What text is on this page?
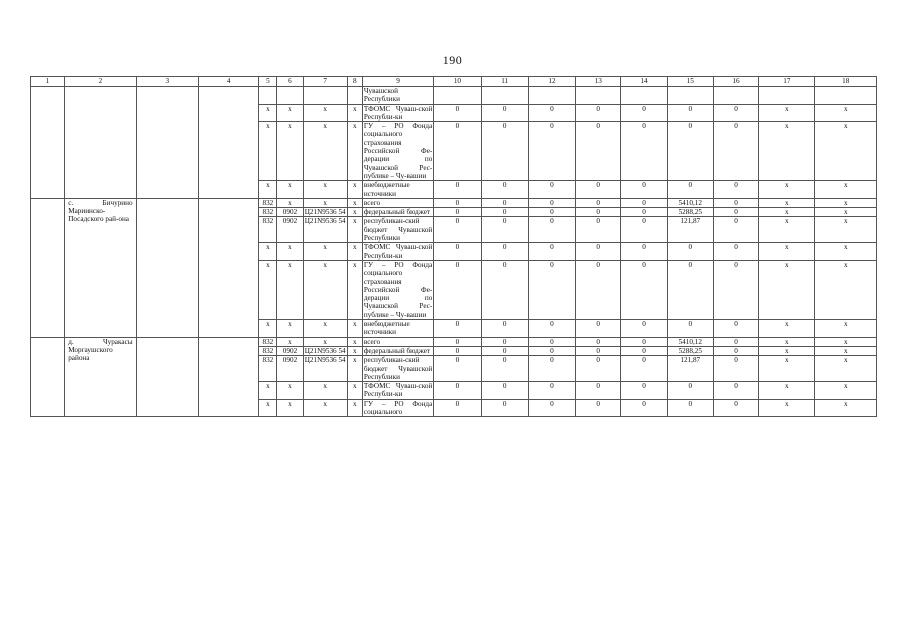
190
1	2	3	4	5	6	7	8	9	10	11	12	13	14	15	16	17	18
								Чувашской Республики									
				x	x	x	x	ТФОМС Чуваш-ской Республи-ки	0	0	0	0	0	0	0	x	x
				x	x	x	x	ГУ – РО Фонда социального страхования Российской Фе-дерации по Чувашской Рес-публике – Чу-вашии	0	0	0	0	0	0	0	x	x
				x	x	x	x	внебюджетные источники	0	0	0	0	0	0	0	x	x
	с. Бичурино Мариинско-Посадского рай-она			832	x	x	x	всего	0	0	0	0	0	5410,12	0	x	x
				832	0902	Ц21N9536 54	x	федеральный бюджет	0	0	0	0	0	5288,25	0	x	x
				832	0902	Ц21N9536 54	x	республикан-ский бюджет Чувашской Республики	0	0	0	0	0	121,87	0	x	x
				x	x	x	x	ТФОМС Чуваш-ской Республи-ки	0	0	0	0	0	0	0	x	x
				x	x	x	x	ГУ – РО Фонда социального страхования Российской Фе-дерации по Чувашской Рес-публике – Чу-вашии	0	0	0	0	0	0	0	x	x
				x	x	x	x	внебюджетные источники	0	0	0	0	0	0	0	x	x
	д. Чуракасы Моргаушского района			832	x	x	x	всего	0	0	0	0	0	5410,12	0	x	x
				832	0902	Ц21N9536 54	x	федеральный бюджет	0	0	0	0	0	5288,25	0	x	x
				832	0902	Ц21N9536 54	x	республикан-ский бюджет Чувашской Республики	0	0	0	0	0	121,87	0	x	x
				x	x	x	x	ТФОМС Чуваш-ской Республи-ки	0	0	0	0	0	0	0	x	x
				x	x	x	x	ГУ – РО Фонда социального	0	0	0	0	0	0	0	x	x
